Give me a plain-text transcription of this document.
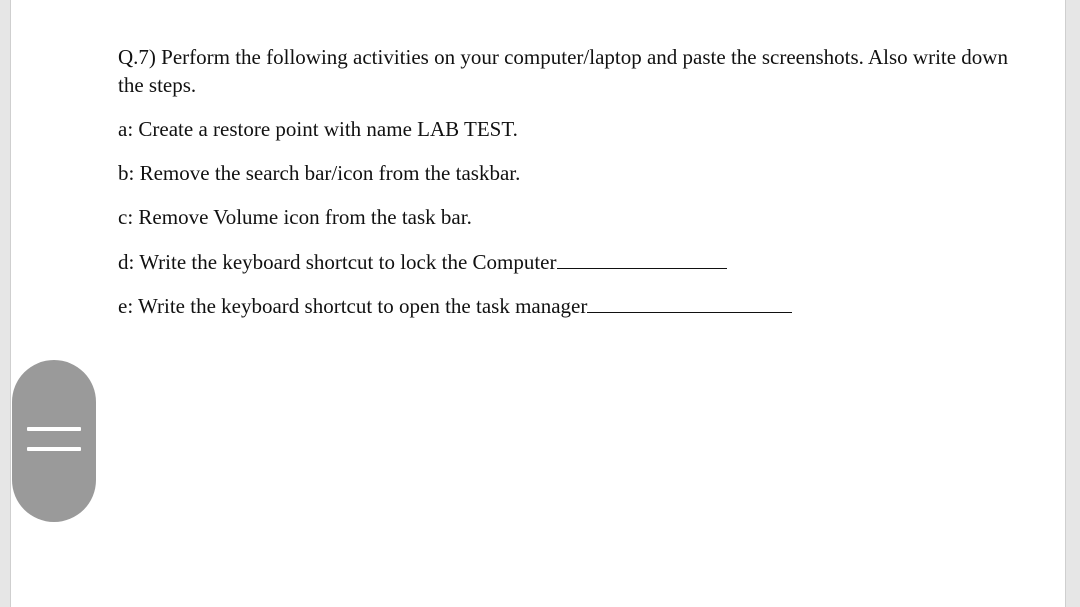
Q.7) Perform the following activities on your computer/laptop and paste the screenshots. Also write down the steps.

a: Create a restore point with name LAB TEST.
b: Remove the search bar/icon from the taskbar.
c: Remove Volume icon from the task bar.
d: Write the keyboard shortcut to lock the Computer
e: Write the keyboard shortcut to open the task manager
